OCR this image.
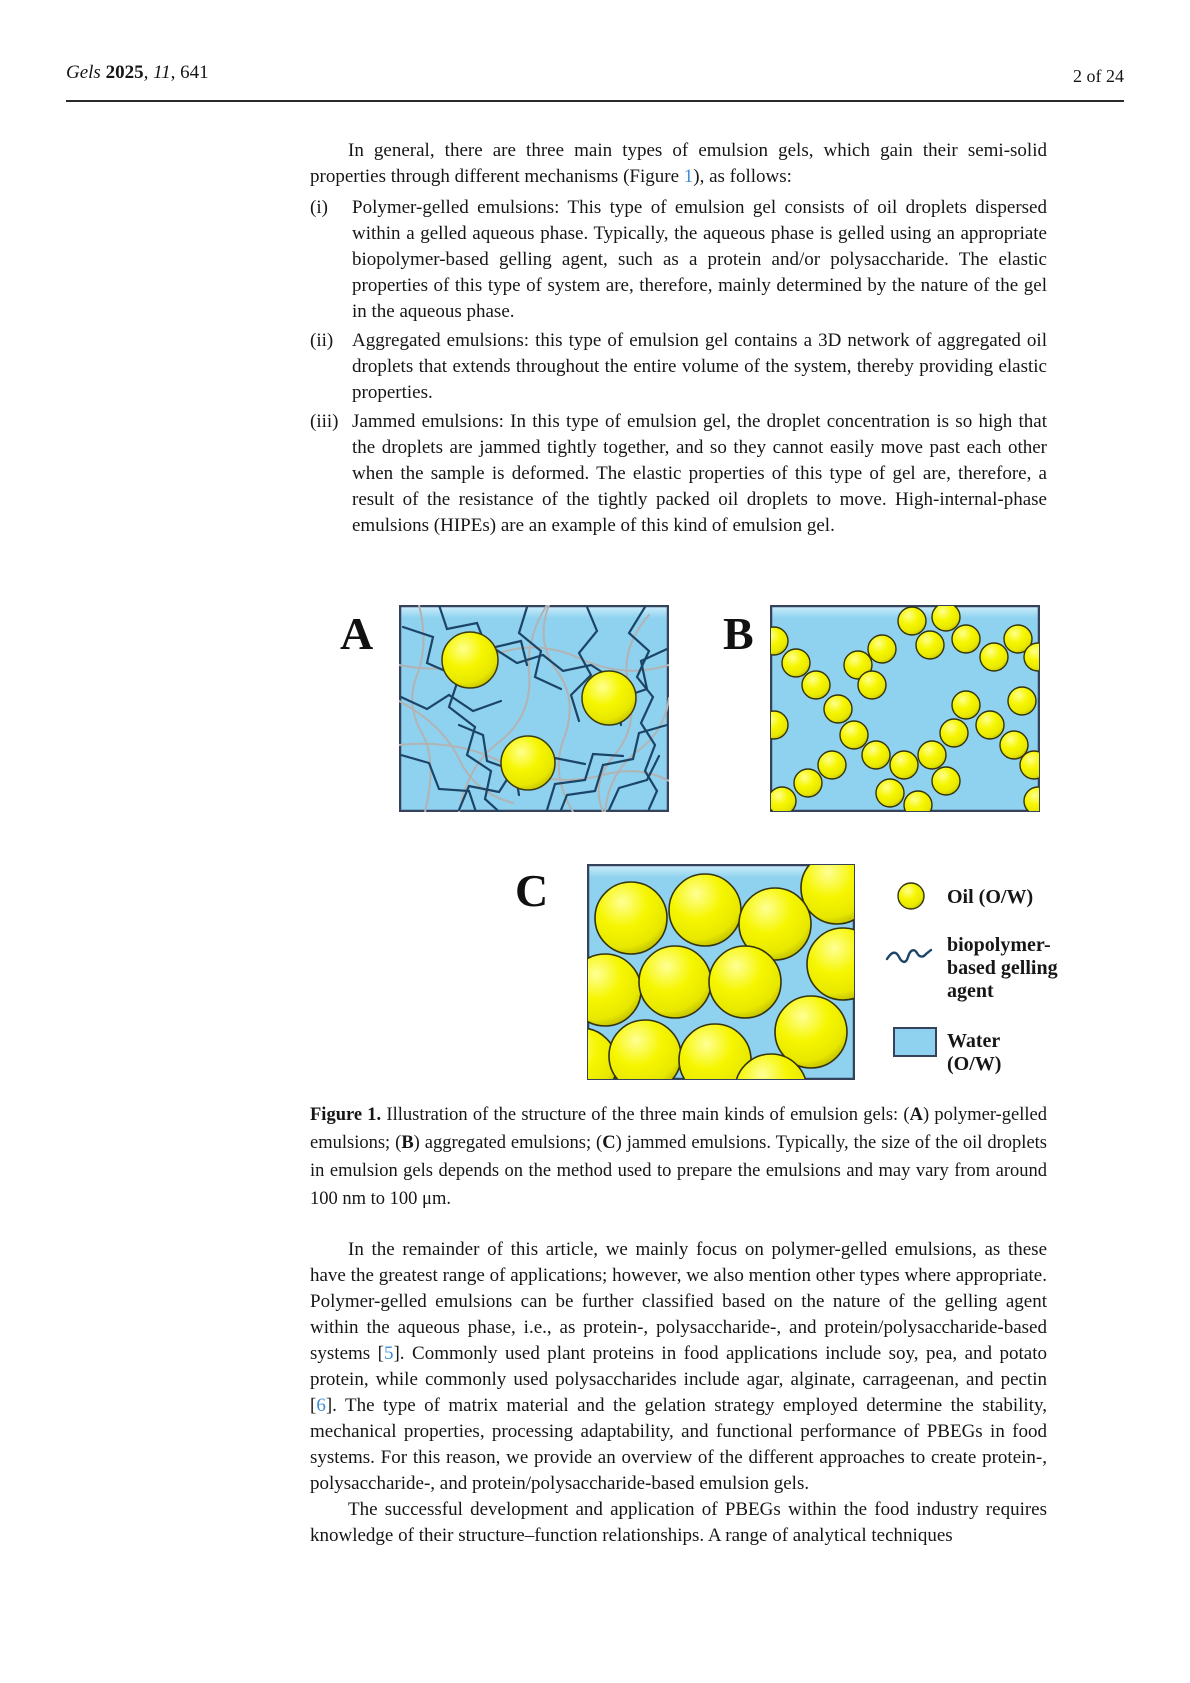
Gels 2025, 11, 641	2 of 24

In general, there are three main types of emulsion gels, which gain their semi-solid properties through different mechanisms (Figure 1), as follows:

(i)	Polymer-gelled emulsions: This type of emulsion gel consists of oil droplets dispersed within a gelled aqueous phase. Typically, the aqueous phase is gelled using an appropriate biopolymer-based gelling agent, such as a protein and/or polysaccharide. The elastic properties of this type of system are, therefore, mainly determined by the nature of the gel in the aqueous phase.
(ii) Aggregated emulsions: this type of emulsion gel contains a 3D network of aggregated oil droplets that extends throughout the entire volume of the system, thereby providing elastic properties.
(iii) Jammed emulsions: In this type of emulsion gel, the droplet concentration is so high that the droplets are jammed tightly together, and so they cannot easily move past each other when the sample is deformed. The elastic properties of this type of gel are, therefore, a result of the resistance of the tightly packed oil droplets to move. High-internal-phase emulsions (HIPEs) are an example of this kind of emulsion gel.
A	B
C	Oil (O/W)
biopolymer-
based gelling
agent
Water (O/W)

Figure 1. Illustration of the structure of the three main kinds of emulsion gels: (A) polymer-gelled emulsions; (B) aggregated emulsions; (C) jammed emulsions. Typically, the size of the oil droplets in emulsion gels depends on the method used to prepare the emulsions and may vary from around 100 nm to 100 μm.

In the remainder of this article, we mainly focus on polymer-gelled emulsions, as these have the greatest range of applications; however, we also mention other types where appropriate. Polymer-gelled emulsions can be further classified based on the nature of the gelling agent within the aqueous phase, i.e., as protein-, polysaccharide-, and protein/polysaccharide-based systems [5]. Commonly used plant proteins in food applications include soy, pea, and potato protein, while commonly used polysaccharides include agar, alginate, carrageenan, and pectin [6]. The type of matrix material and the gelation strategy employed determine the stability, mechanical properties, processing adaptability, and functional performance of PBEGs in food systems. For this reason, we provide an overview of the different approaches to create protein-, polysaccharide-, and protein/polysaccharide-based emulsion gels.

The successful development and application of PBEGs within the food industry requires knowledge of their structure–function relationships. A range of analytical techniques
